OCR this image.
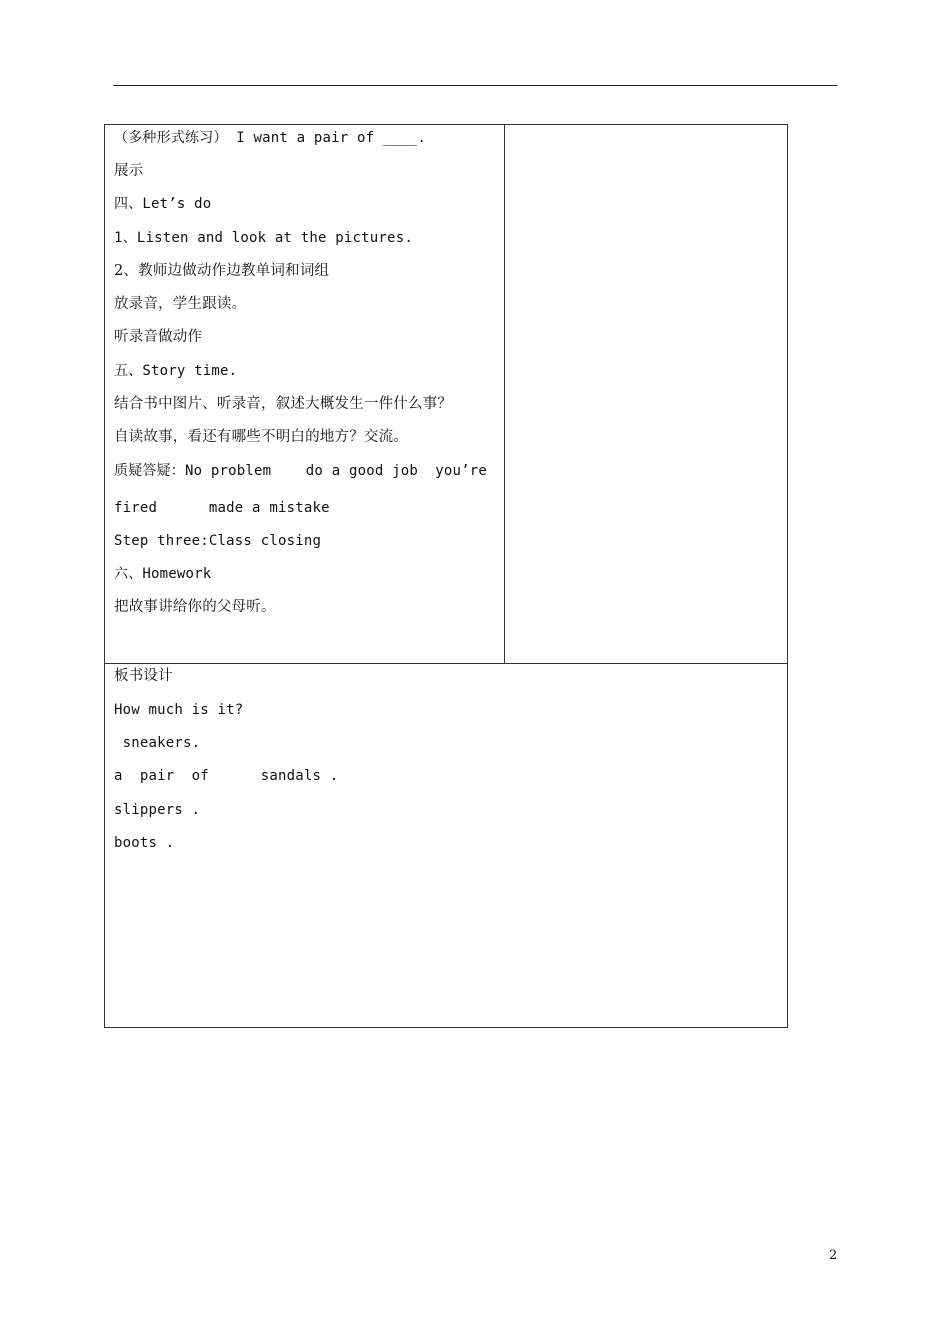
（多种形式练习） I want a pair of ____.
展示
四、Let’s do
1、Listen and look at the pictures.
2、教师边做动作边教单词和词组
放录音，学生跟读。
听录音做动作
五、Story time.
结合书中图片、听录音，叙述大概发生一件什么事？
自读故事，看还有哪些不明白的地方？交流。
质疑答疑：No problem    do a good job  you’re
fired      made a mistake
Step three:Class closing
六、Homework
把故事讲给你的父母听。
板书设计
How much is it?
sneakers.
a  pair  of      sandals .
slippers .
boots .
2
